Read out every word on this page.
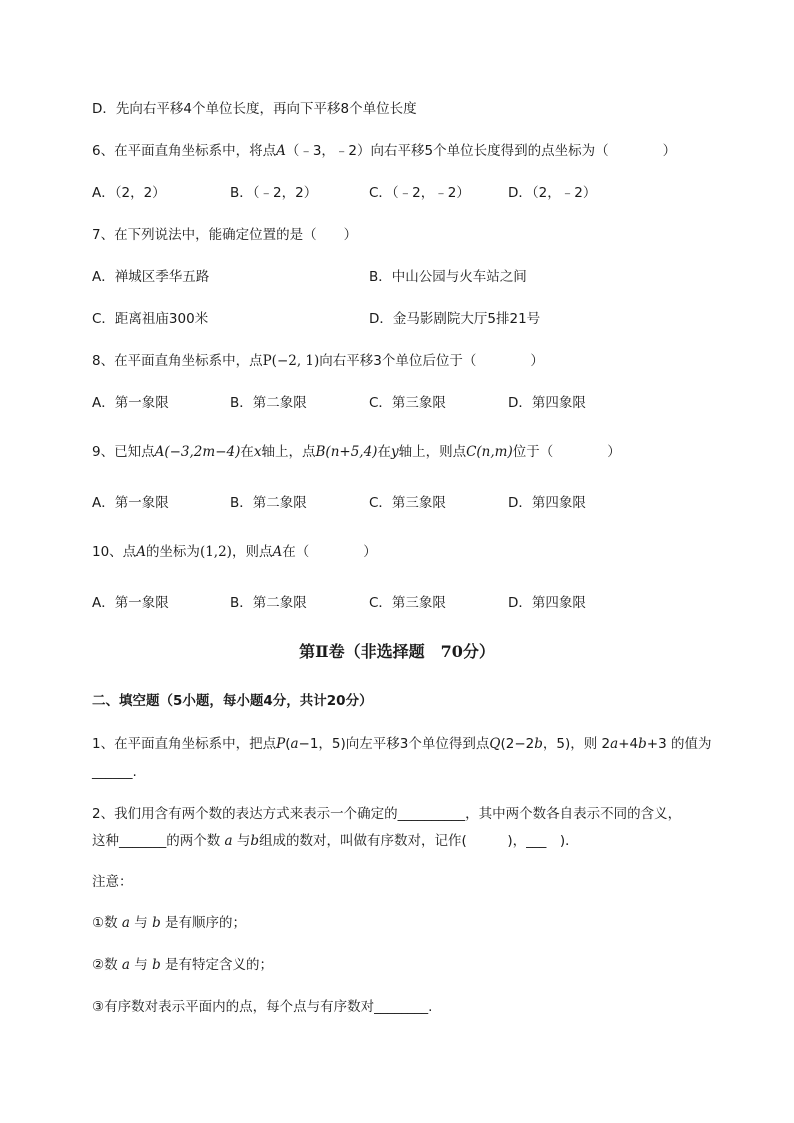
D．先向右平移4个单位长度，再向下平移8个单位长度
6、在平面直角坐标系中，将点A（﹣3，﹣2）向右平移5个单位长度得到的点坐标为（　　　　）
A．（2，2）	B．（﹣2，2）	C．（﹣2，﹣2）	D．（2，﹣2）
7、在下列说法中，能确定位置的是（　　）
A．禅城区季华五路	B．中山公园与火车站之间
C．距离祖庙300米	D．金马影剧院大厅5排21号
8、在平面直角坐标系中，点P(−2, 1)向右平移3个单位后位于（　　　　）
A．第一象限	B．第二象限	C．第三象限	D．第四象限
9、已知点A(−3,2m−4)在x轴上，点B(n+5,4)在y轴上，则点C(n,m)位于（　　　　）
A．第一象限	B．第二象限	C．第三象限	D．第四象限
10、点A的坐标为(1,2)，则点A在（　　　　）
A．第一象限	B．第二象限	C．第三象限	D．第四象限
第Ⅱ卷（非选择题　70分）
二、填空题（5小题，每小题4分，共计20分）
1、在平面直角坐标系中，把点P(a−1，5)向左平移3个单位得到点Q(2−2b，5)，则 2a+4b+3 的值为
______.
2、我们用含有两个数的表达方式来表示一个确定的__________，其中两个数各自表示不同的含义，
这种_______的两个数 a 与b组成的数对，叫做有序数对，记作(　　　)，___　)．
注意：
①数 a 与 b 是有顺序的；
②数 a 与 b 是有特定含义的；
③有序数对表示平面内的点，每个点与有序数对________.
